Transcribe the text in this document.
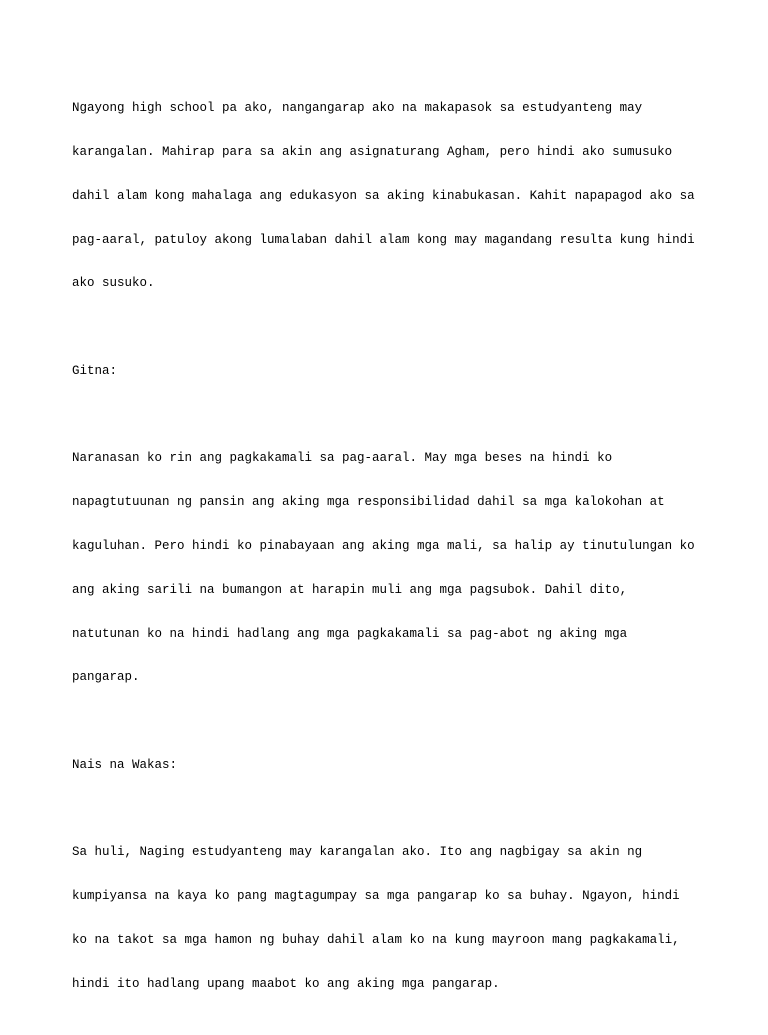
Ngayong high school pa ako, nangangarap ako na makapasok sa estudyanteng may

karangalan. Mahirap para sa akin ang asignaturang Agham, pero hindi ako sumusuko

dahil alam kong mahalaga ang edukasyon sa aking kinabukasan. Kahit napapagod ako sa

pag-aaral, patuloy akong lumalaban dahil alam kong may magandang resulta kung hindi

ako susuko.

Gitna:

Naranasan ko rin ang pagkakamali sa pag-aaral. May mga beses na hindi ko

napagtutuunan ng pansin ang aking mga responsibilidad dahil sa mga kalokohan at

kaguluhan. Pero hindi ko pinabayaan ang aking mga mali, sa halip ay tinutulungan ko

ang aking sarili na bumangon at harapin muli ang mga pagsubok. Dahil dito,

natutunan ko na hindi hadlang ang mga pagkakamali sa pag-abot ng aking mga

pangarap.

Nais na Wakas:

Sa huli, Naging estudyanteng may karangalan ako. Ito ang nagbigay sa akin ng

kumpiyansa na kaya ko pang magtagumpay sa mga pangarap ko sa buhay. Ngayon, hindi

ko na takot sa mga hamon ng buhay dahil alam ko na kung mayroon mang pagkakamali,

hindi ito hadlang upang maabot ko ang aking mga pangarap.
